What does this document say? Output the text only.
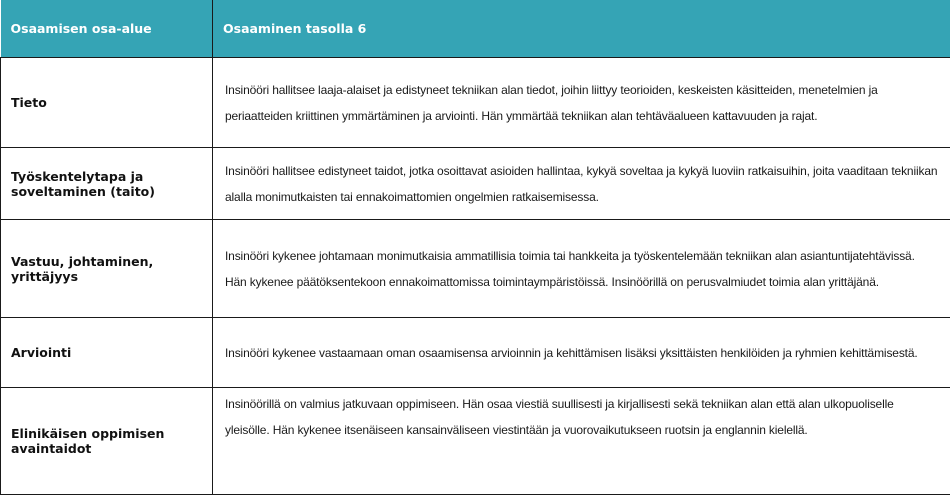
Osaamisen osa-alue	Osaaminen tasolla 6
Tieto	Insinööri hallitsee laaja-alaiset ja edistyneet tekniikan alan tiedot, joihin liittyy teorioiden, keskeisten käsitteiden, menetelmien ja periaatteiden kriittinen ymmärtäminen ja arviointi. Hän ymmärtää tekniikan alan tehtäväalueen kattavuuden ja rajat.
Työskentelytapa ja soveltaminen (taito)	Insinööri hallitsee edistyneet taidot, jotka osoittavat asioiden hallintaa, kykyä soveltaa ja kykyä luoviin ratkaisuihin, joita vaaditaan tekniikan alalla monimutkaisten tai ennakoimattomien ongelmien ratkaisemisessa.
Vastuu, johtaminen, yrittäjyys	Insinööri kykenee johtamaan monimutkaisia ammatillisia toimia tai hankkeita ja työskentelemään tekniikan alan asiantuntijatehtävissä. Hän kykenee päätöksentekoon ennakoimattomissa toimintaympäristöissä. Insinöörillä on perusvalmiudet toimia alan yrittäjänä.
Arviointi	Insinööri kykenee vastaamaan oman osaamisensa arvioinnin ja kehittämisen lisäksi yksittäisten henkilöiden ja ryhmien kehittämisestä.
Elinikäisen oppimisen avaintaidot	Insinöörillä on valmius jatkuvaan oppimiseen. Hän osaa viestiä suullisesti ja kirjallisesti sekä tekniikan alan että alan ulkopuoliselle yleisölle. Hän kykenee itsenäiseen kansainväliseen viestintään ja vuorovaikutukseen ruotsin ja englannin kielellä.
